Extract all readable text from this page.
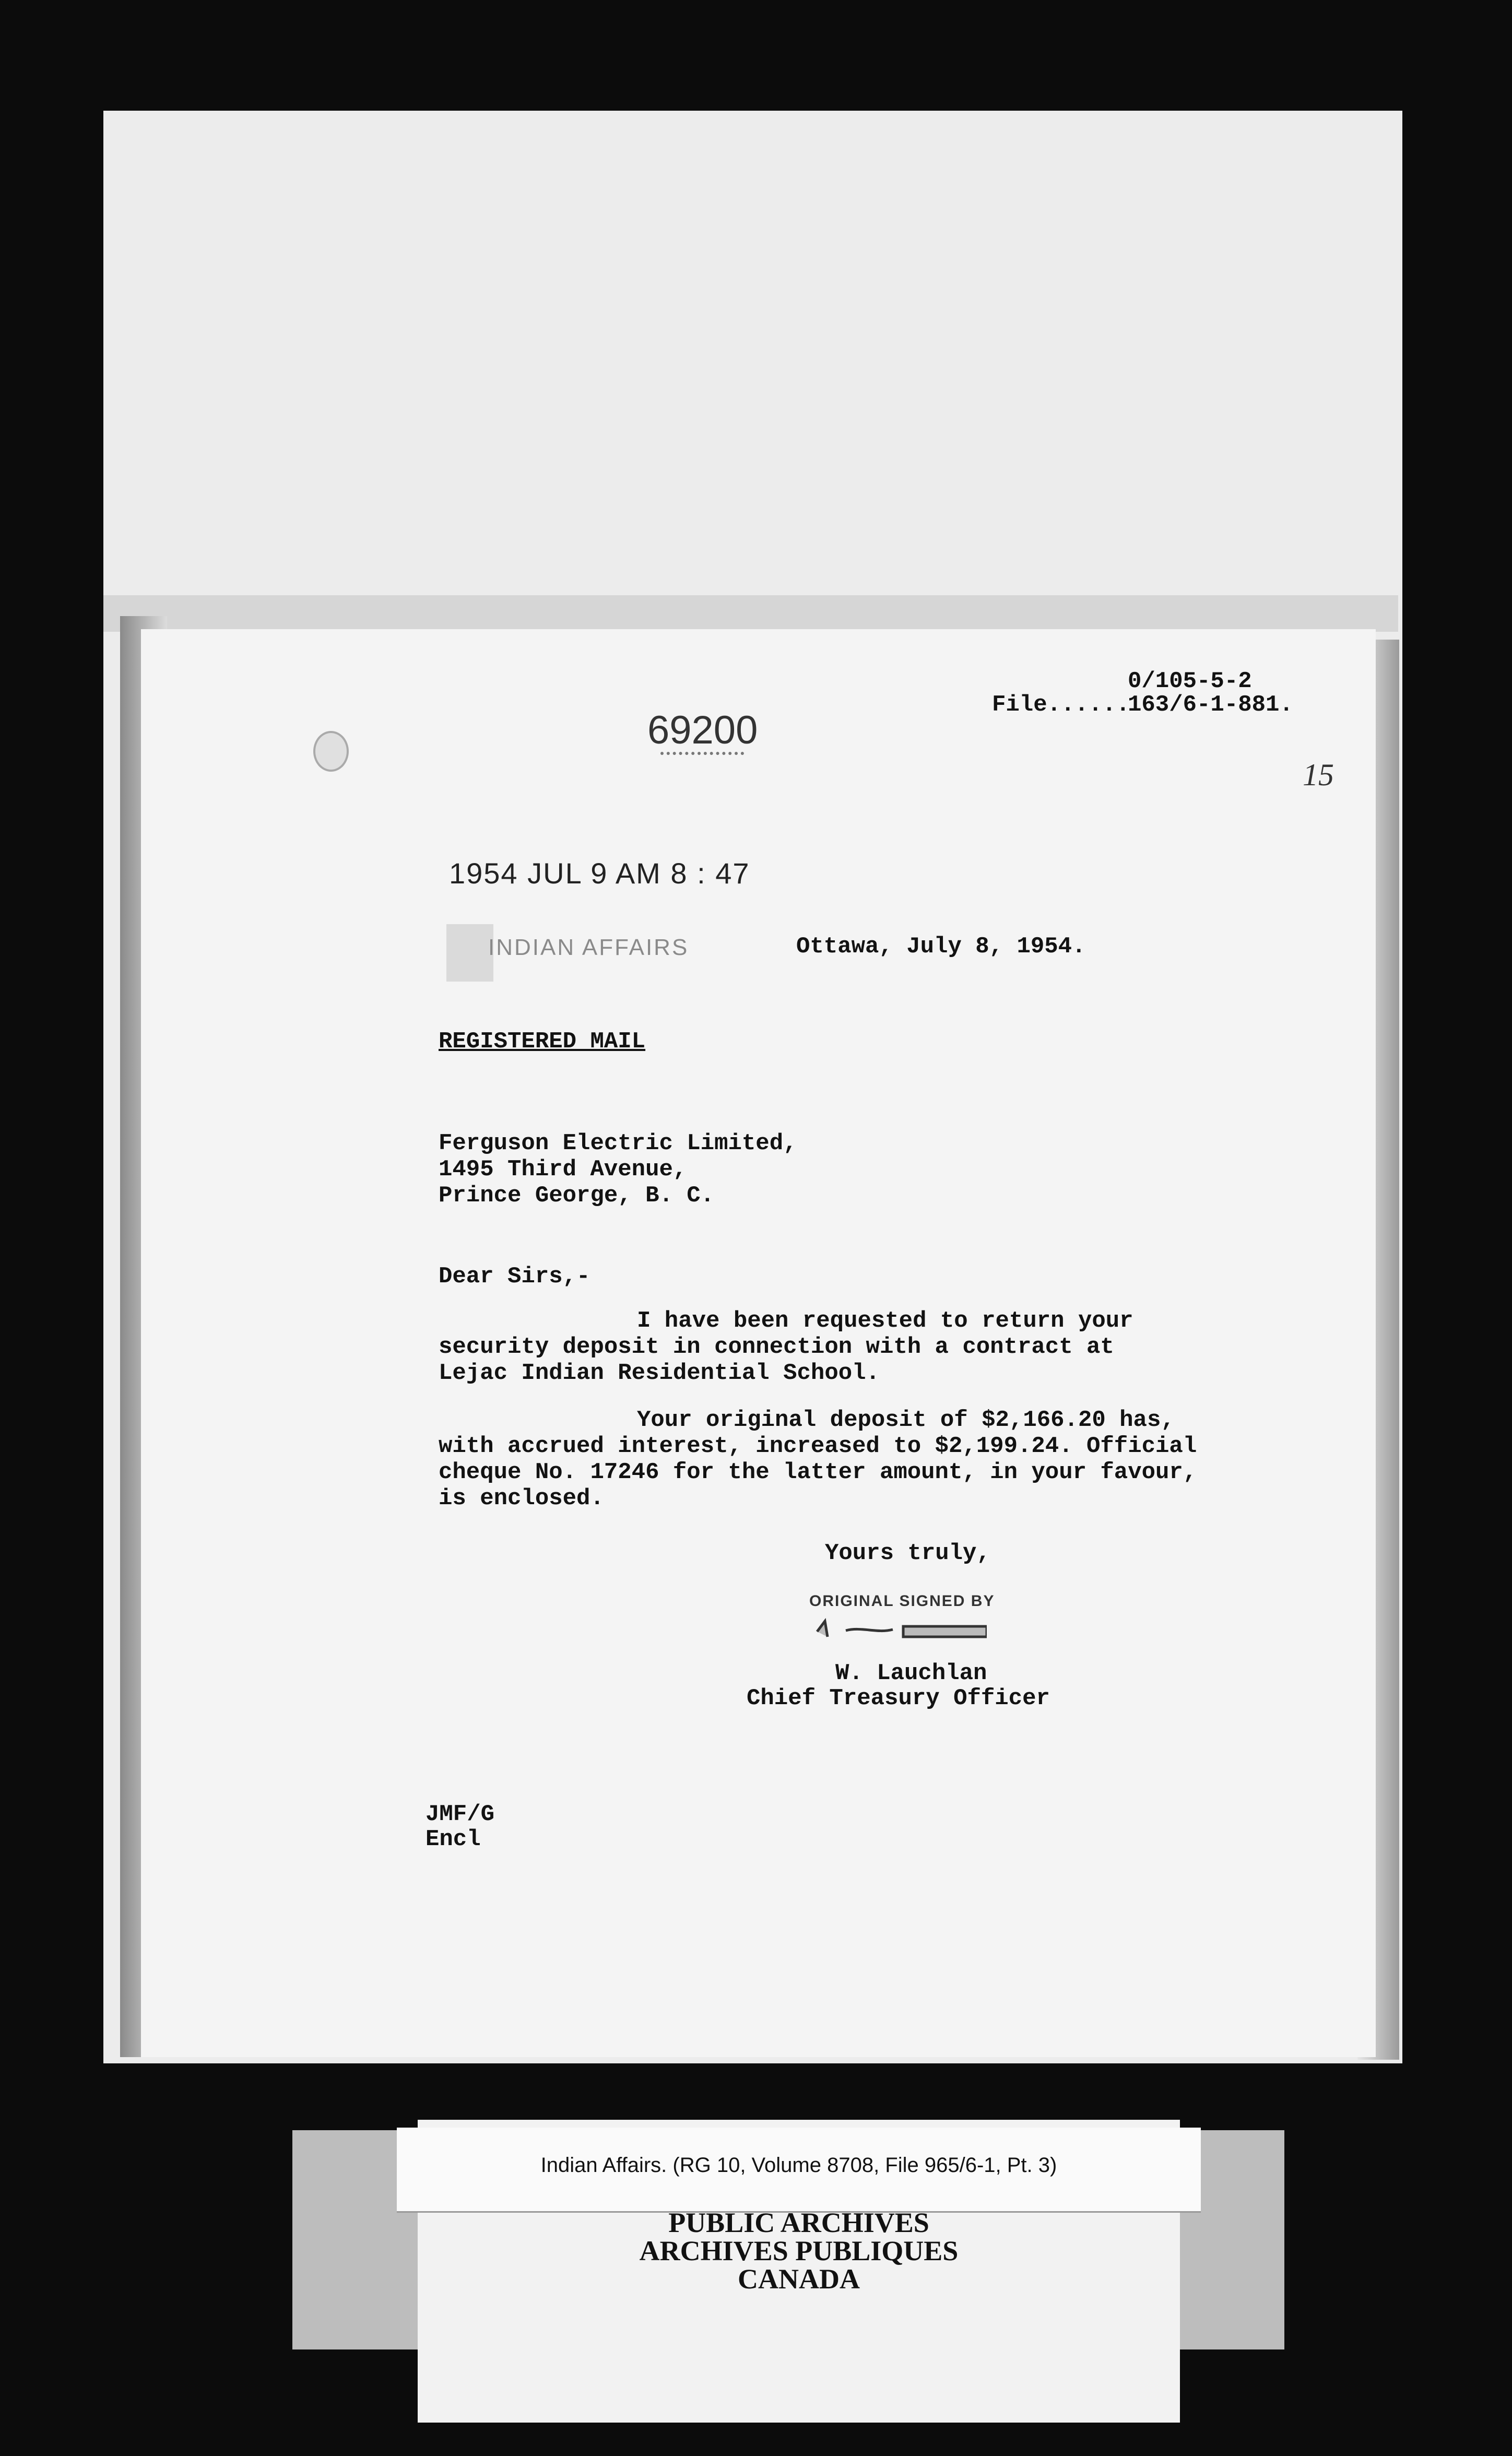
69200
File......
0/105-5-2
163/6-1-881.
15
1954 JUL 9 AM 8 : 47
INDIAN AFFAIRS	Ottawa, July 8, 1954.
REGISTERED MAIL
Ferguson Electric Limited,
1495 Third Avenue,
Prince George, B. C.
Dear Sirs,-
I have been requested to return your
security deposit in connection with a contract at
Lejac Indian Residential School.
Your original deposit of $2,166.20 has,
with accrued interest, increased to $2,199.24. Official
cheque No. 17246 for the latter amount, in your favour,
is enclosed.
Yours truly,
ORIGINAL SIGNED BY
W. Lauchlan
Chief Treasury Officer
JMF/G
Encl
Indian Affairs. (RG 10, Volume 8708, File 965/6-1, Pt. 3)
PUBLIC ARCHIVES
ARCHIVES PUBLIQUES
CANADA
